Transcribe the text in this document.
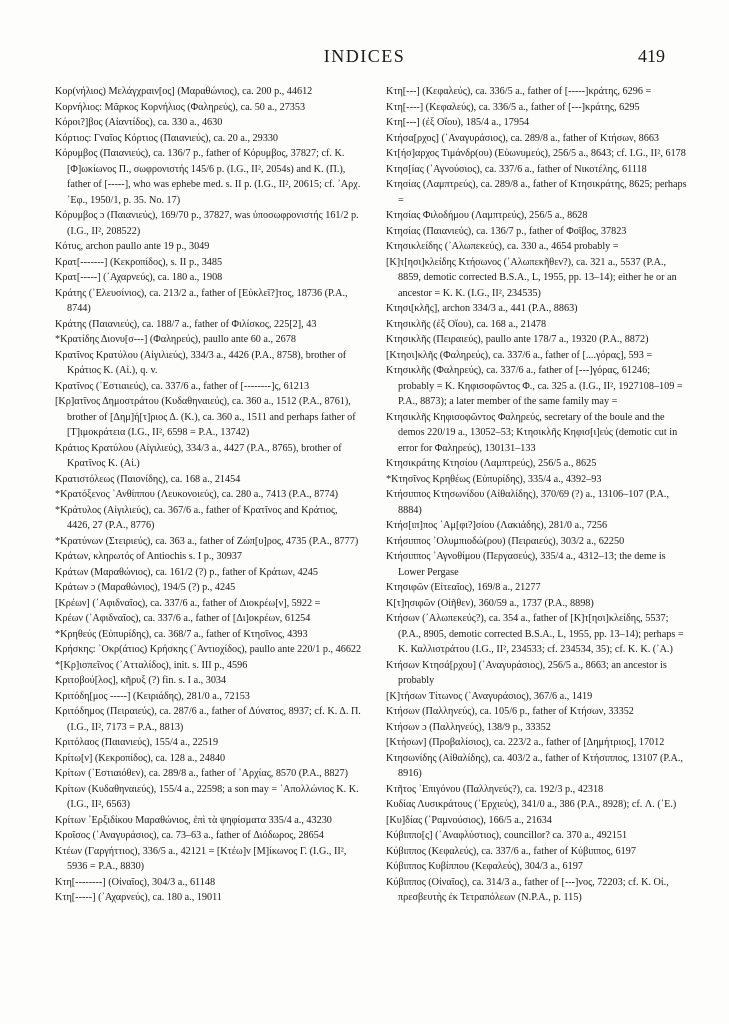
INDICES	419
Κορ(νήλιος) Μελάγχραιν[ος] (Μαραθώνιος), ca. 200 p., 44612
Κορνήλιος: Μᾶρκος Κορνήλιος (Φαληρεύς), ca. 50 a., 27353
Κόροι?]βος (Αἰαντίδος), ca. 330 a., 4630
Κόρτιος: Γναῖος Κόρτιος (Παιανιεύς), ca. 20 a., 29330
Κόρυμβος (Παιανιεύς), ca. 136/7 p., father of Κόρυμβος, 37827; cf. Κ.[Φ]ωκίωνος Π., σωφρονιστής 145/6 p. (I.G., II², 2054s) and Κ. (Π.), father of [-----], who was ephebe med. s. II p. (I.G., II², 20615; cf. ᾽Αρχ. ᾽Εφ., 1950/1, p. 35. No. 17)
Κόρυμβος ɔ (Παιανιεύς), 169/70 p., 37827, was ὑποσωφρονιστής 161/2 p. (I.G., II², 208522)
Κότυς, archon paullo ante 19 p., 3049
Κρατ[-------] (Κεκροπίδος), s. II p., 3485
Κρατ[-----] (᾽Αχαρνεύς), ca. 180 a., 1908
Κράτης (᾽Ελευσίνιος), ca. 213/2 a., father of [Εὐκλεῖ?]τος, 18736 (P.A., 8744)
Κράτης (Παιανιεύς), ca. 188/7 a., father of Φιλίσκος, 225[2], 43
*Κρατίδης Διονυ[σ---] (Φαληρεύς), paullo ante 60 a., 2678
Κρατῖνος Κρατύλου (Αἰγιλιεύς), 334/3 a., 4426 (P.A., 8758), brother of Κράτιος Κ. (Αἰ.), q. v.
Κρατῖνος (᾽Εστιαιεύς), ca. 337/6 a., father of [--------]ς, 61213
[Κρ]ατῖνος Δημοστράτου (Κυδαθηναιεύς), ca. 360 a., 1512 (P.A., 8761), brother of [Δημ]ή[τ]ριος Δ. (Κ.), ca. 360 a., 1511 and perhaps father of [Τ]ιμοκράτεια (I.G., II², 6598 = P.A., 13742)
Κράτιος Κρατύλου (Αἰγιλιεύς), 334/3 a., 4427 (P.A., 8765), brother of Κρατῖνος Κ. (Αἰ.)
Κρατιστόλεως (Παιονίδης), ca. 168 a., 21454
*Κρατόξενος ᾽Ανθίππου (Λευκονοιεύς), ca. 280 a., 7413 (P.A., 8774)
*Κράτυλος (Αἰγιλιεύς), ca. 367/6 a., father of Κρατῖνος and Κράτιος, 4426, 27 (P.A., 8776)
*Κρατύνων (Στειριεύς), ca. 363 a., father of Ζώπ[υ]ρος, 4735 (P.A., 8777)
Κράτων, κληρωτός of Antiochis s. I p., 30937
Κράτων (Μαραθώνιος), ca. 161/2 (?) p., father of Κράτων, 4245
Κράτων ɔ (Μαραθώνιος), 194/5 (?) p., 4245
[Κρέων] (᾽Αφιδναῖος), ca. 337/6 a., father of Διοκρέω[ν], 5922 =
Κρέων (᾽Αφιδναῖος), ca. 337/6 a., father of [Δι]οκρέων, 61254
*Κρηθεύς (Εὐπυρίδης), ca. 368/7 a., father of Κτησῖνος, 4393
Κρήσκης: ᾽Οκρ(άτιος) Κρήσκης (᾽Αντιοχίδος), paullo ante 220/1 p., 46622
*[Κρ]ισπεῖνος (᾽Ατταλίδος), init. s. III p., 4596
Κριτοβού[λος], κῆρυξ (?) fin. s. I a., 3034
Κριτόδη[μος -----] (Κειριάδης), 281/0 a., 72153
Κριτόδημος (Πειραιεύς), ca. 287/6 a., father of Δύνατος, 8937; cf. Κ. Δ. Π. (I.G., II², 7173 = P.A., 8813)
Κριτόλαος (Παιανιεύς), 155/4 a., 22519
Κρίτω[ν] (Κεκροπίδος), ca. 128 a., 24840
Κρίτων (᾽Εστιαιόθεν), ca. 289/8 a., father of ᾽Αρχίας, 8570 (P.A., 8827)
Κρίτων (Κυδαθηναιεύς), 155/4 a., 22598; a son may = ᾽Απολλώνιος Κ. Κ. (I.G., II², 6563)
Κρίτων ᾽Ερξιδίκου Μαραθώνιος, ἐπὶ τὰ ψηφίσματα 335/4 a., 43230
Κροῖσος (᾽Αναγυράσιος), ca. 73–63 a., father of Διόδωρος, 28654
Κτέων (Γαργήττιος), 336/5 a., 42121 = [Κτέω]ν [Μ]ίκωνος Γ. (I.G., II², 5936 = P.A., 8830)
Κτη[--------] (Οἰναῖος), 304/3 a., 61148
Κτη[-----] (᾽Αχαρνεύς), ca. 180 a., 19011
Κτη[---] (Κεφαλεύς), ca. 336/5 a., father of [-----]κράτης, 6296 =
Κτη[----] (Κεφαλεύς), ca. 336/5 a., father of [---]κράτης, 6295
Κτη[---] (ἐξ Οἴου), 185/4 a., 17954
Κτήσα[ρχος] (᾽Αναγυράσιος), ca. 289/8 a., father of Κτήσων, 8663
Κτ[ήσ]αρχος Τιμάνδρ(ου) (Εὐωνυμεύς), 256/5 a., 8643; cf. I.G., II², 6178
Κτησ[ίας (᾽Αγνούσιος), ca. 337/6 a., father of Νικοτέλης, 61118
Κτησίας (Λαμπτρεύς), ca. 289/8 a., father of Κτησικράτης, 8625; perhaps =
Κτησίας Φιλοδήμου (Λαμπτρεύς), 256/5 a., 8628
Κτησίας (Παιανιεύς), ca. 136/7 p., father of Φοῖβος, 37823
Κτησικλείδης (᾽Αλωπεκεύς), ca. 330 a., 4654 probably =
[Κ]τ[ησι]κλείδης Κτήσωνος (᾽Αλωπεκῆθεν?), ca. 321 a., 5537 (P.A., 8859, demotic corrected B.S.A., L, 1955, pp. 13–14); either he or an ancestor = Κ. Κ. (I.G., II², 234535)
Κτησι[κλῆς], archon 334/3 a., 441 (P.A., 8863)
Κτησικλῆς (ἐξ Οἴου), ca. 168 a., 21478
Κτησικλῆς (Πειραιεύς), paullo ante 178/7 a., 19320 (P.A., 8872)
[Κτησι]κλῆς (Φαληρεύς), ca. 337/6 a., father of [....γόρας], 593 =
Κτησικλῆς (Φαληρεύς), ca. 337/6 a., father of [---]γόρας, 61246; probably = Κ. Κηφισοφῶντος Φ., ca. 325 a. (I.G., II², 1927108–109 = P.A., 8873); a later member of the same family may =
Κτησικλῆς Κηφισοφῶντος Φαληρεύς, secretary of the boule and the demos 220/19 a., 13052–53; Κτησικλῆς Κηφισ[ι]εύς (demotic cut in error for Φαληρεύς), 130131–133
Κτησικράτης Κτησίου (Λαμπτρεύς), 256/5 a., 8625
*Κτησῖνος Κρηθέως (Εὐπυρίδης), 335/4 a., 4392–93
Κτήσιππος Κτησωνίδου (Αἰθαλίδης), 370/69 (?) a., 13106–107 (P.A., 8884)
Κτήσ[ιπ]πος ᾽Αμ[φι?]σίου (Λακιάδης), 281/0 a., 7256
Κτήσιππος ᾽Ολυμπιοδώ(ρου) (Πειραιεύς), 303/2 a., 62250
Κτήσιππος ᾽Αγνοθίμου (Περγασεύς), 335/4 a., 4312–13; the deme is Lower Pergase
Κτησιφῶν (Εἰτεαῖος), 169/8 a., 21277
Κ[τ]ησιφῶν (Οἰῆθεν), 360/59 a., 1737 (P.A., 8898)
Κτήσων (᾽Αλωπεκεύς?), ca. 354 a., father of [Κ]τ[ησι]κλείδης, 5537; (P.A., 8905, demotic corrected B.S.A., L, 1955, pp. 13–14); perhaps = Κ. Καλλιστράτου (I.G., II², 234533; cf. 234534, 35); cf. Κ. Κ. (᾽Α.)
Κτήσων Κτησά[ρχου] (᾽Αναγυράσιος), 256/5 a., 8663; an ancestor is probably
[Κ]τήσων Τίτωνος (᾽Αναγυράσιος), 367/6 a., 1419
Κτήσων (Παλληνεύς), ca. 105/6 p., father of Κτήσων, 33352
Κτήσων ɔ (Παλληνεύς), 138/9 p., 33352
[Κτήσων] (Προβαλίσιος), ca. 223/2 a., father of [Δημήτριος], 17012
Κτησωνίδης (Αἰθαλίδης), ca. 403/2 a., father of Κτήσιππος, 13107 (P.A., 8916)
Κτῆτος ᾽Επιγόνου (Παλληνεύς?), ca. 192/3 p., 42318
Κυδίας Λυσικράτους (᾽Ερχιεύς), 341/0 a., 386 (P.A., 8928); cf. Λ. (᾽Ε.)
[Κυ]δίας (῾Ραμνούσιος), 166/5 a., 21634
Κύβιππο[ς] (᾽Αναφλύστιος), councillor? ca. 370 a., 492151
Κύβιππος (Κεφαλεύς), ca. 337/6 a., father of Κύβιππος, 6197
Κύβιππος Κυβίππου (Κεφαλεύς), 304/3 a., 6197
Κύβιππος (Οἰναῖος), ca. 314/3 a., father of [---]νος, 72203; cf. Κ. Οἰ., πρεσβευτὴς ἐκ Τετραπόλεων (N.P.A., p. 115)
